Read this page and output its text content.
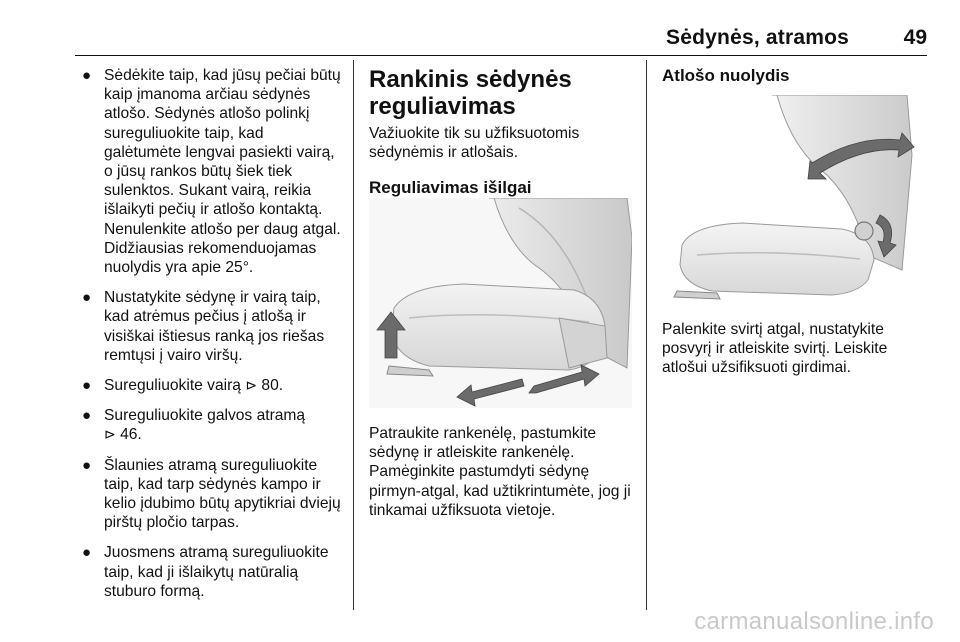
Sėdynės, atramos	49
● Sėdėkite taip, kad jūsų pečiai būtų kaip įmanoma arčiau sėdynės atlošo. Sėdynės atlošo polinkį sureguliuokite taip, kad galėtumėte lengvai pasiekti vairą, o jūsų rankos būtų šiek tiek sulenktos. Sukant vairą, reikia išlaikyti pečių ir atlošo kontaktą. Nenulenkite atlošo per daug atgal. Didžiausias rekomenduojamas nuolydis yra apie 25°.
● Nustatykite sėdynę ir vairą taip, kad atrėmus pečius į atlošą ir visiškai ištiesus ranką jos riešas remtųsi į vairo viršų.
● Sureguliuokite vairą ⊳ 80.
● Sureguliuokite galvos atramą
⊳ 46.
● Šlaunies atramą sureguliuokite taip, kad tarp sėdynės kampo ir kelio įdubimo būtų apytikriai dviejų pirštų pločio tarpas.
● Juosmens atramą sureguliuokite taip, kad ji išlaikytų natūralią stuburo formą.
Rankinis sėdynės reguliavimas

Važiuokite tik su užfiksuotomis sėdynėmis ir atlošais.

Reguliavimas išilgai

Patraukite rankenėlę, pastumkite sėdynę ir atleiskite rankenėlę. Pamėginkite pastumdyti sėdynę pirmyn-atgal, kad užtikrintumėte, jog ji tinkamai užfiksuota vietoje.

Atlošo nuolydis

Palenkite svirtį atgal, nustatykite posvyrį ir atleiskite svirtį. Leiskite atlošui užsifiksuoti girdimai.

carmanualsonline.info
